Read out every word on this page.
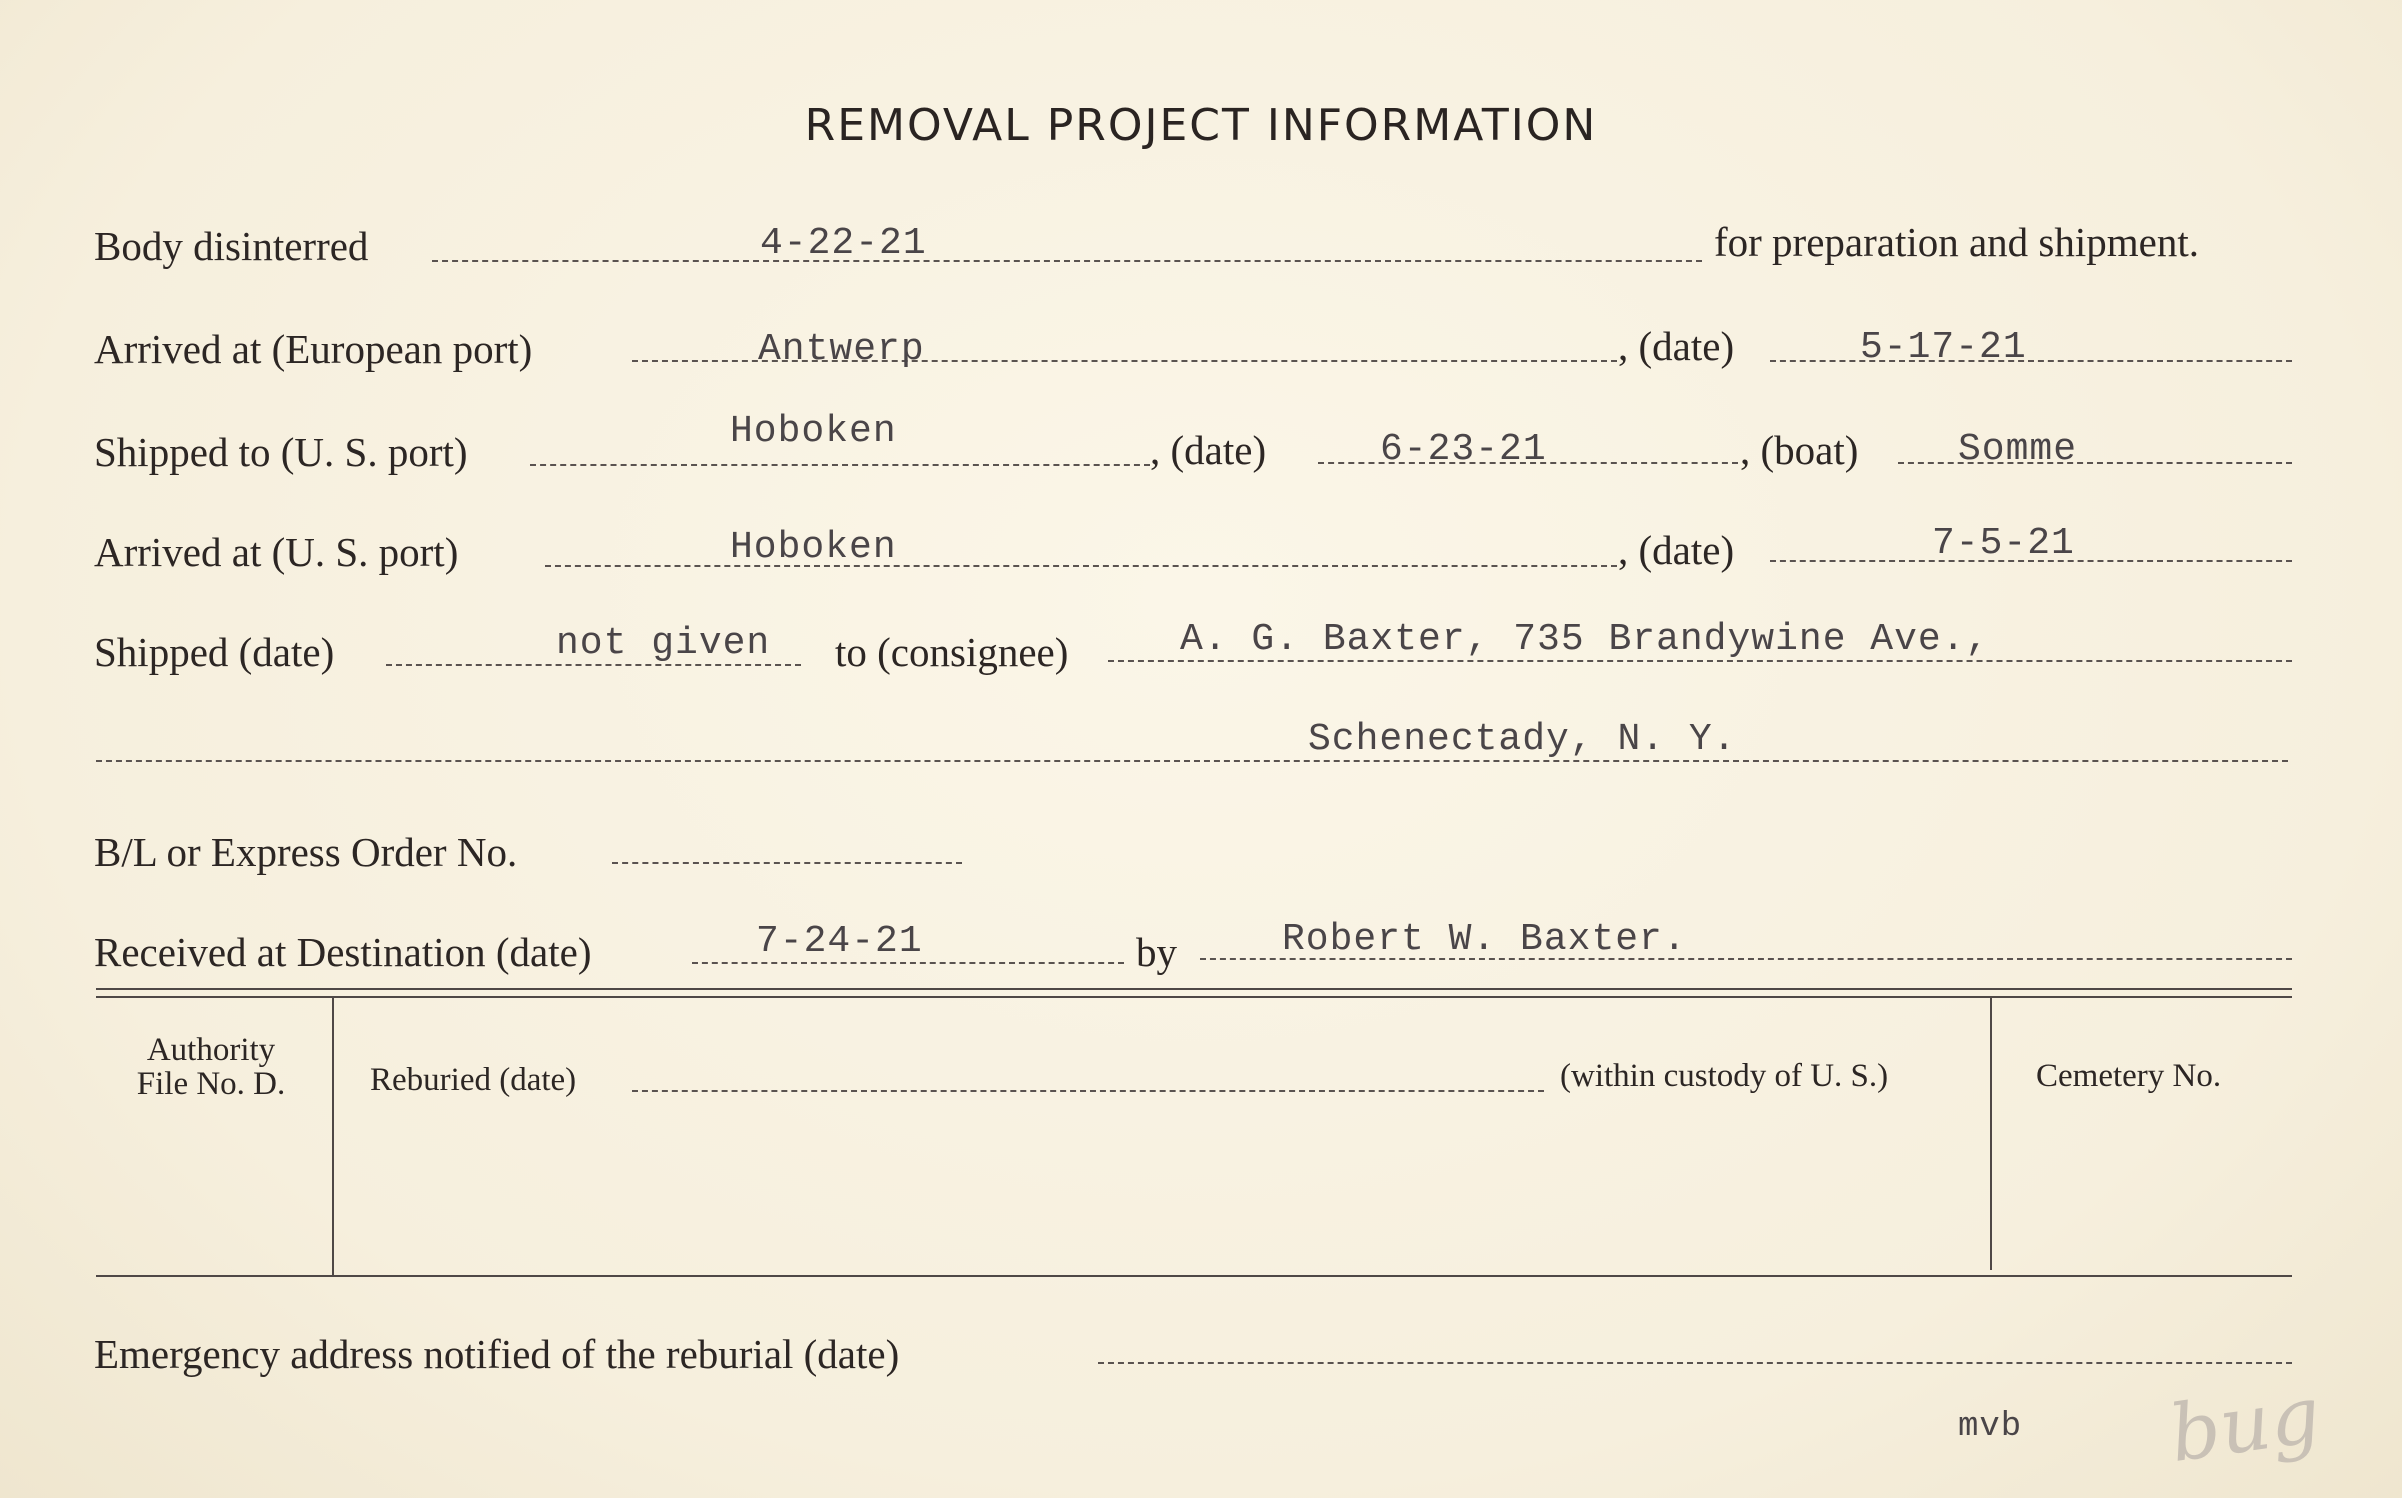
REMOVAL PROJECT INFORMATION
Body disinterred	4-22-21	for preparation and shipment.
Arrived at (European port)	Antwerp	, (date)	5-17-21
Shipped to (U. S. port)	Hoboken	, (date)	6-23-21	, (boat)	Somme
Arrived at (U. S. port)	Hoboken	, (date)	7-5-21
Shipped (date)	not given to (consignee)	A. G. Baxter, 735 Brandywine Ave.,
Schenectady, N. Y.
B/L or Express Order No.
Received at Destination (date)	7-24-21	by	Robert W. Baxter.
Authority
File No. D.	Reburied (date)	(within custody of U. S.)	Cemetery No.
Emergency address notified of the reburial (date)
mvb bug
